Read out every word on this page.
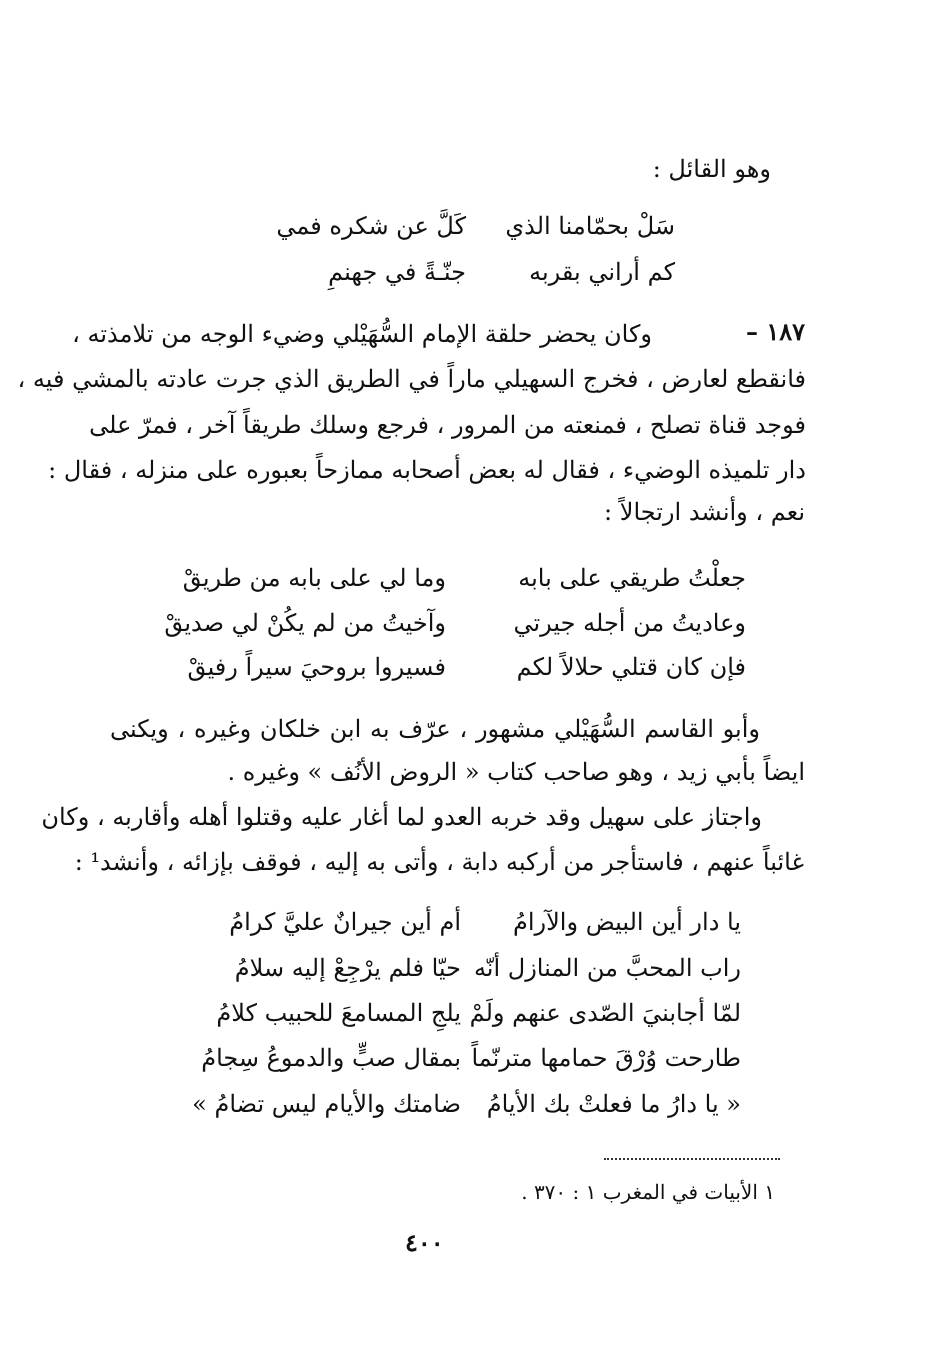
وهو القائل :
سَلْ بحمّامنا الذي
كَلَّ عن شكره فمي
كم أراني بقربه
جنّـةً في جهنمِ
١٨٧ –
وكان يحضر حلقة الإمام السُّهَيْلي وضيء الوجه من تلامذته ،
فانقطع لعارض ، فخرج السهيلي ماراً في الطريق الذي جرت عادته بالمشي فيه ،
فوجد قناة تصلح ، فمنعته من المرور ، فرجع وسلك طريقاً آخر ، فمرّ على
دار تلميذه الوضيء ، فقال له بعض أصحابه ممازحاً بعبوره على منزله ، فقال :
نعم ، وأنشد ارتجالاً :
جعلْتُ طريقي على بابه
وما لي على بابه من طريقْ
وعاديتُ من أجله جيرتي
وآخيتُ من لم يكُنْ لي صديقْ
فإن كان قتلي حلالاً لكم
فسيروا بروحيَ سيراً رفيقْ
وأبو القاسم السُّهَيْلي مشهور ، عرّف به ابن خلكان وغيره ، ويكنى
ايضاً بأبي زيد ، وهو صاحب كتاب « الروض الأنُف » وغيره .
واجتاز على سهيل وقد خربه العدو لما أغار عليه وقتلوا أهله وأقاربه ، وكان
غائباً عنهم ، فاستأجر من أركبه دابة ، وأتى به إليه ، فوقف بإزائه ، وأنشد¹ :
يا دار أين البيض والآرامُ
أم أين جيرانٌ عليَّ كرامُ
راب المحبَّ من المنازل أنّه
حيّا فلم يرْجِعْ إليه سلامُ
لمّا أجابنيَ الصّدى عنهم ولَمْ
يلجِ المسامعَ للحبيب كلامُ
طارحت وُرْقَ حمامها مترنّماً
بمقال صبٍّ والدموعُ سِجامُ
« يا دارُ ما فعلتْ بك الأيامُ
ضامتك والأيام ليس تضامُ »
١ الأبيات في المغرب ١ : ٣٧٠ .
٤٠٠
